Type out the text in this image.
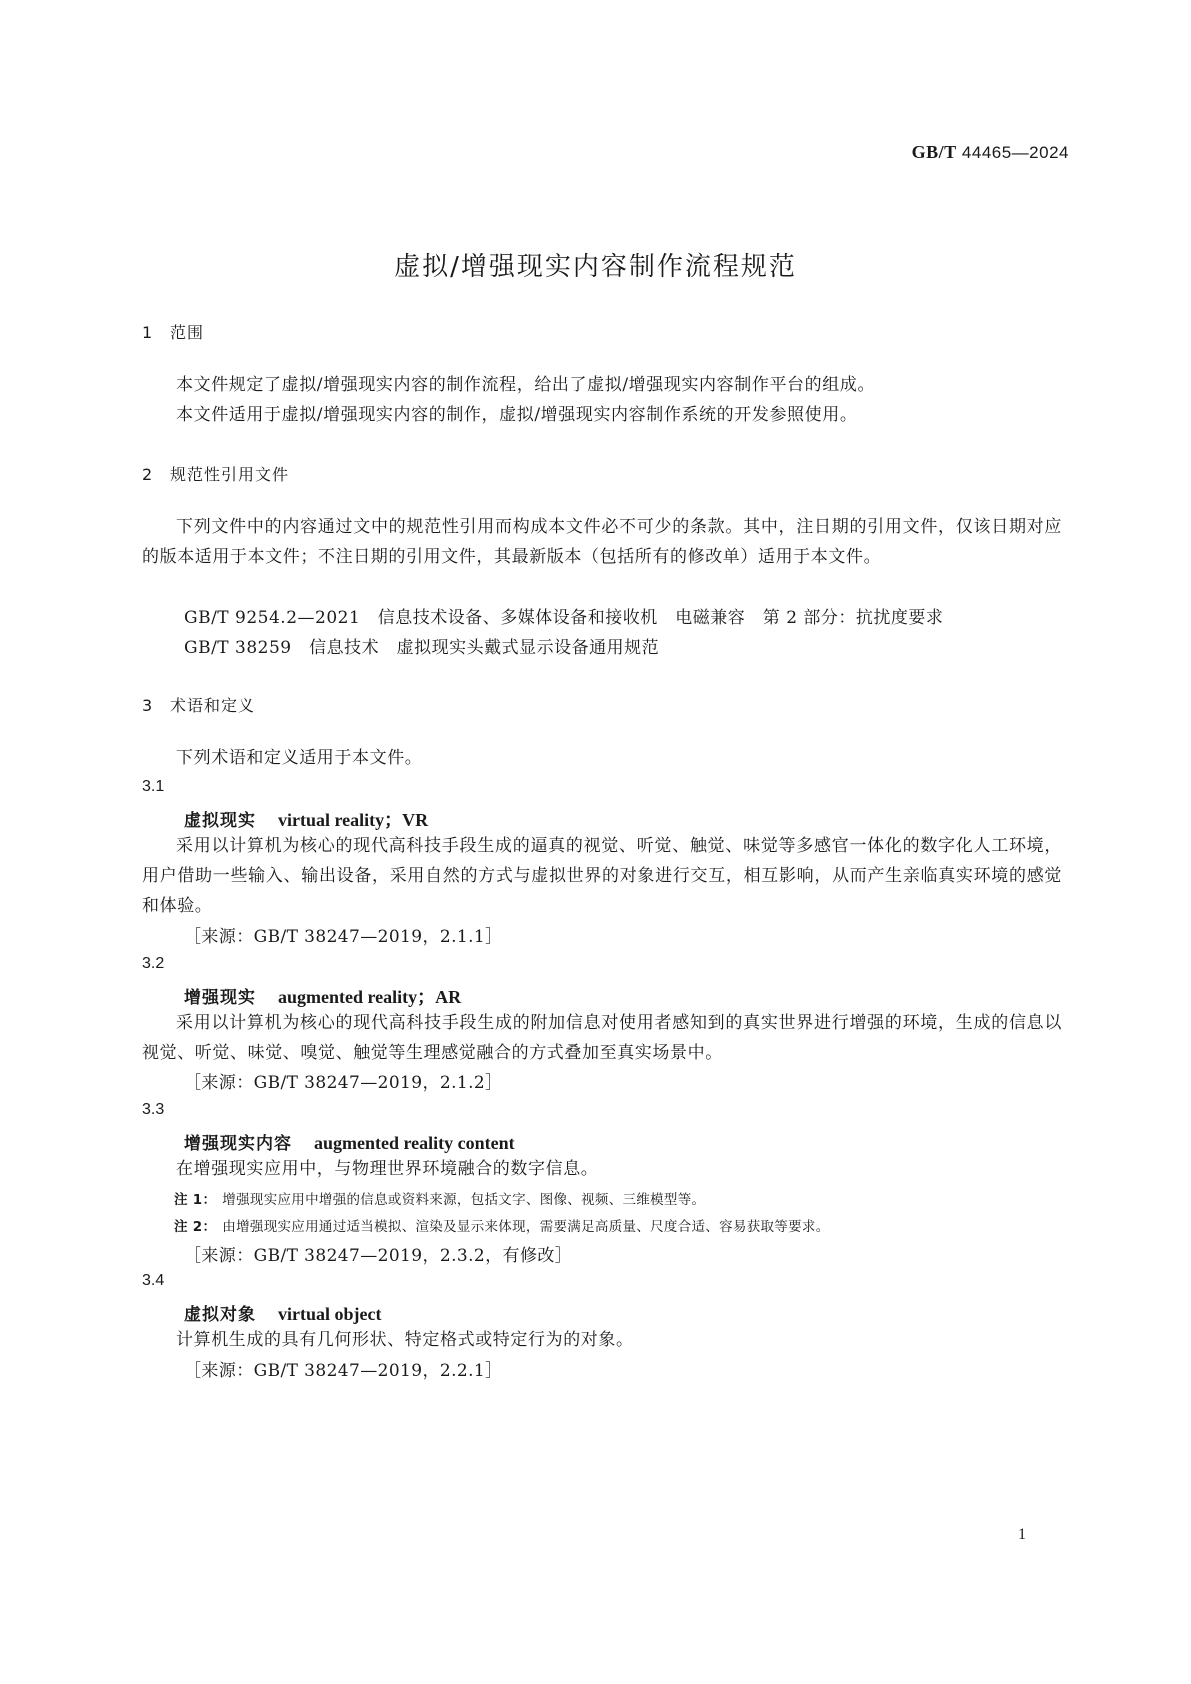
GB/T 44465—2024
虚拟/增强现实内容制作流程规范
1 范围
本文件规定了虚拟/增强现实内容的制作流程，给出了虚拟/增强现实内容制作平台的组成。
本文件适用于虚拟/增强现实内容的制作，虚拟/增强现实内容制作系统的开发参照使用。
2 规范性引用文件
下列文件中的内容通过文中的规范性引用而构成本文件必不可少的条款。其中，注日期的引用文件，仅该日期对应的版本适用于本文件；不注日期的引用文件，其最新版本（包括所有的修改单）适用于本文件。
GB/T 9254.2—2021　信息技术设备、多媒体设备和接收机　电磁兼容　第 2 部分：抗扰度要求
GB/T 38259　信息技术　虚拟现实头戴式显示设备通用规范
3 术语和定义
下列术语和定义适用于本文件。
3.1
虚拟现实 virtual reality；VR
采用以计算机为核心的现代高科技手段生成的逼真的视觉、听觉、触觉、味觉等多感官一体化的数字化人工环境，用户借助一些输入、输出设备，采用自然的方式与虚拟世界的对象进行交互，相互影响，从而产生亲临真实环境的感觉和体验。
［来源：GB/T 38247—2019，2.1.1］
3.2
增强现实 augmented reality；AR
采用以计算机为核心的现代高科技手段生成的附加信息对使用者感知到的真实世界进行增强的环境，生成的信息以视觉、听觉、味觉、嗅觉、触觉等生理感觉融合的方式叠加至真实场景中。
［来源：GB/T 38247—2019，2.1.2］
3.3
增强现实内容 augmented reality content
在增强现实应用中，与物理世界环境融合的数字信息。
注 1： 增强现实应用中增强的信息或资料来源，包括文字、图像、视频、三维模型等。
注 2： 由增强现实应用通过适当模拟、渲染及显示来体现，需要满足高质量、尺度合适、容易获取等要求。
［来源：GB/T 38247—2019，2.3.2，有修改］
3.4
虚拟对象 virtual object
计算机生成的具有几何形状、特定格式或特定行为的对象。
［来源：GB/T 38247—2019，2.2.1］
1
